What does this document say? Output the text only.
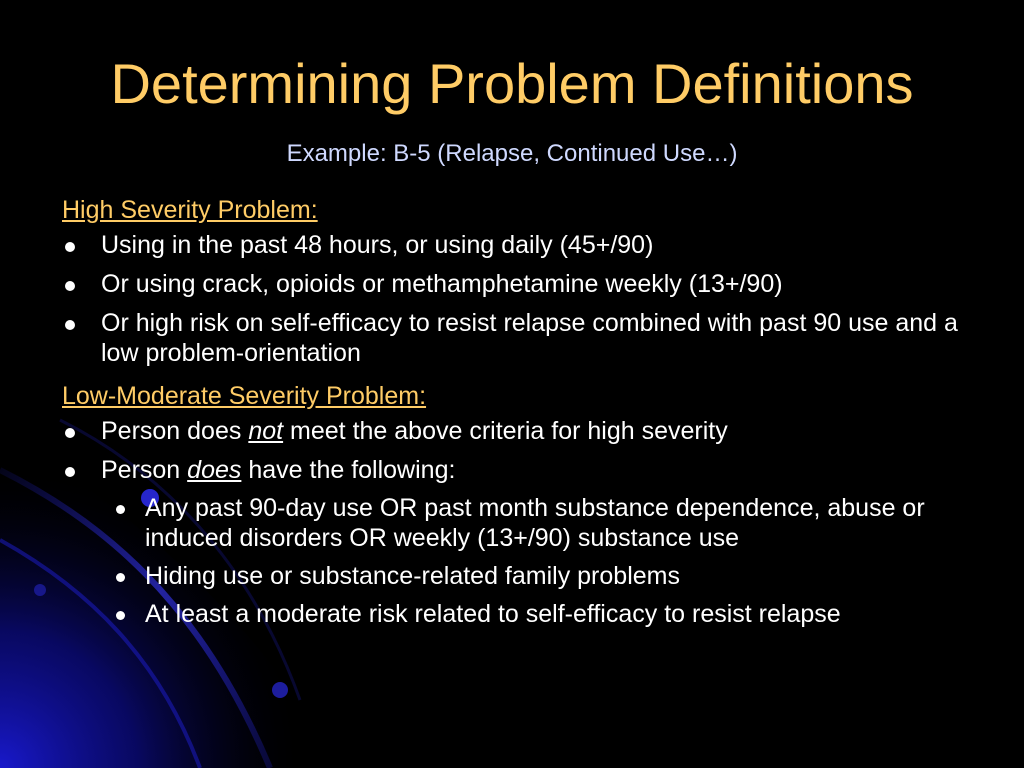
Determining Problem Definitions
Example: B-5 (Relapse, Continued Use…)

High Severity Problem:

Using in the past 48 hours, or using daily (45+/90)
Or using crack, opioids or methamphetamine weekly (13+/90)
Or high risk on self-efficacy to resist relapse combined with past 90 use and a low problem-orientation

Low-Moderate Severity Problem:

Person does not meet the above criteria for high severity
Person does have the following:
Any past 90-day use OR past month substance dependence, abuse or induced disorders OR weekly (13+/90) substance use
Hiding use or substance-related family problems
At least a moderate risk related to self-efficacy to resist relapse
